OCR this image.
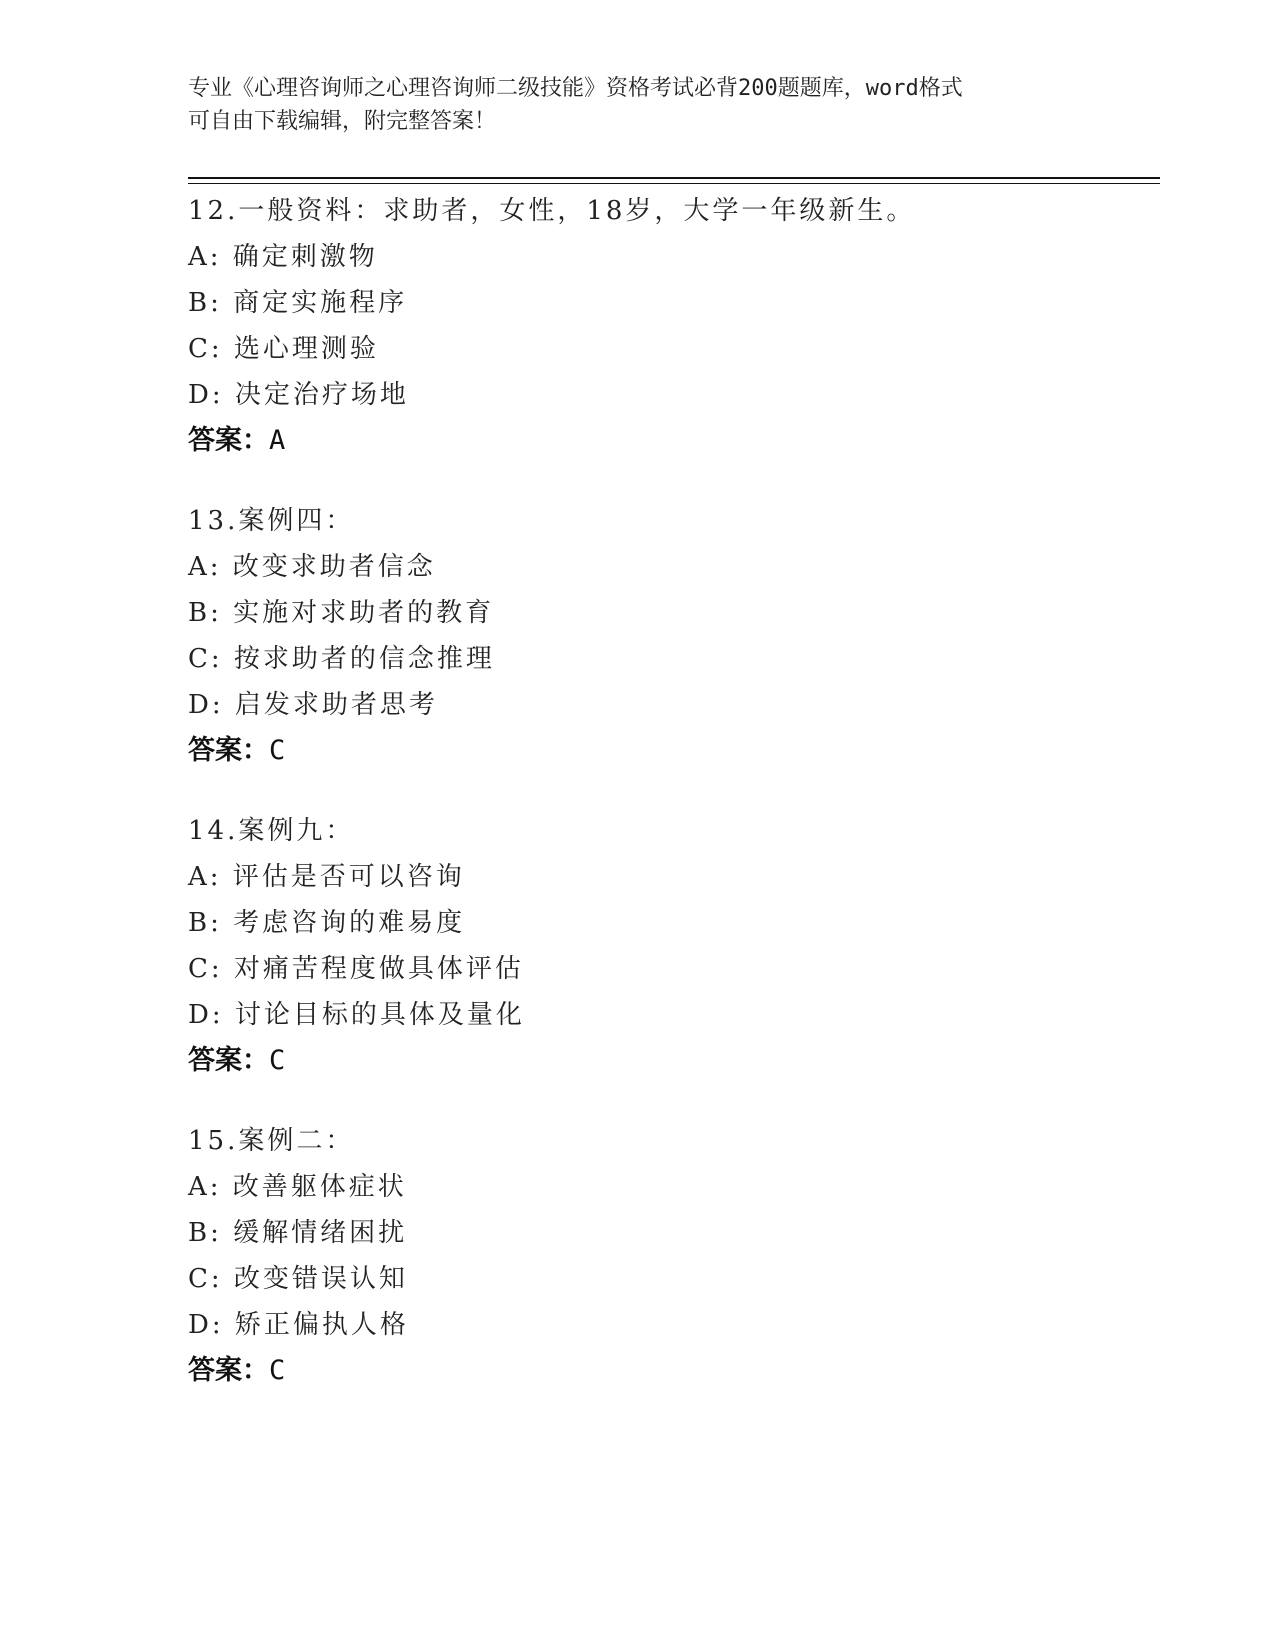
专业《心理咨询师之心理咨询师二级技能》资格考试必背200题题库，word格式
可自由下载编辑，附完整答案！
12.一般资料：求助者，女性，18岁，大学一年级新生。
A: 确定刺激物
B: 商定实施程序
C: 选心理测验
D: 决定治疗场地
答案：A
13.案例四：
A: 改变求助者信念
B: 实施对求助者的教育
C: 按求助者的信念推理
D: 启发求助者思考
答案：C
14.案例九：
A: 评估是否可以咨询
B: 考虑咨询的难易度
C: 对痛苦程度做具体评估
D: 讨论目标的具体及量化
答案：C
15.案例二：
A: 改善躯体症状
B: 缓解情绪困扰
C: 改变错误认知
D: 矫正偏执人格
答案：C
